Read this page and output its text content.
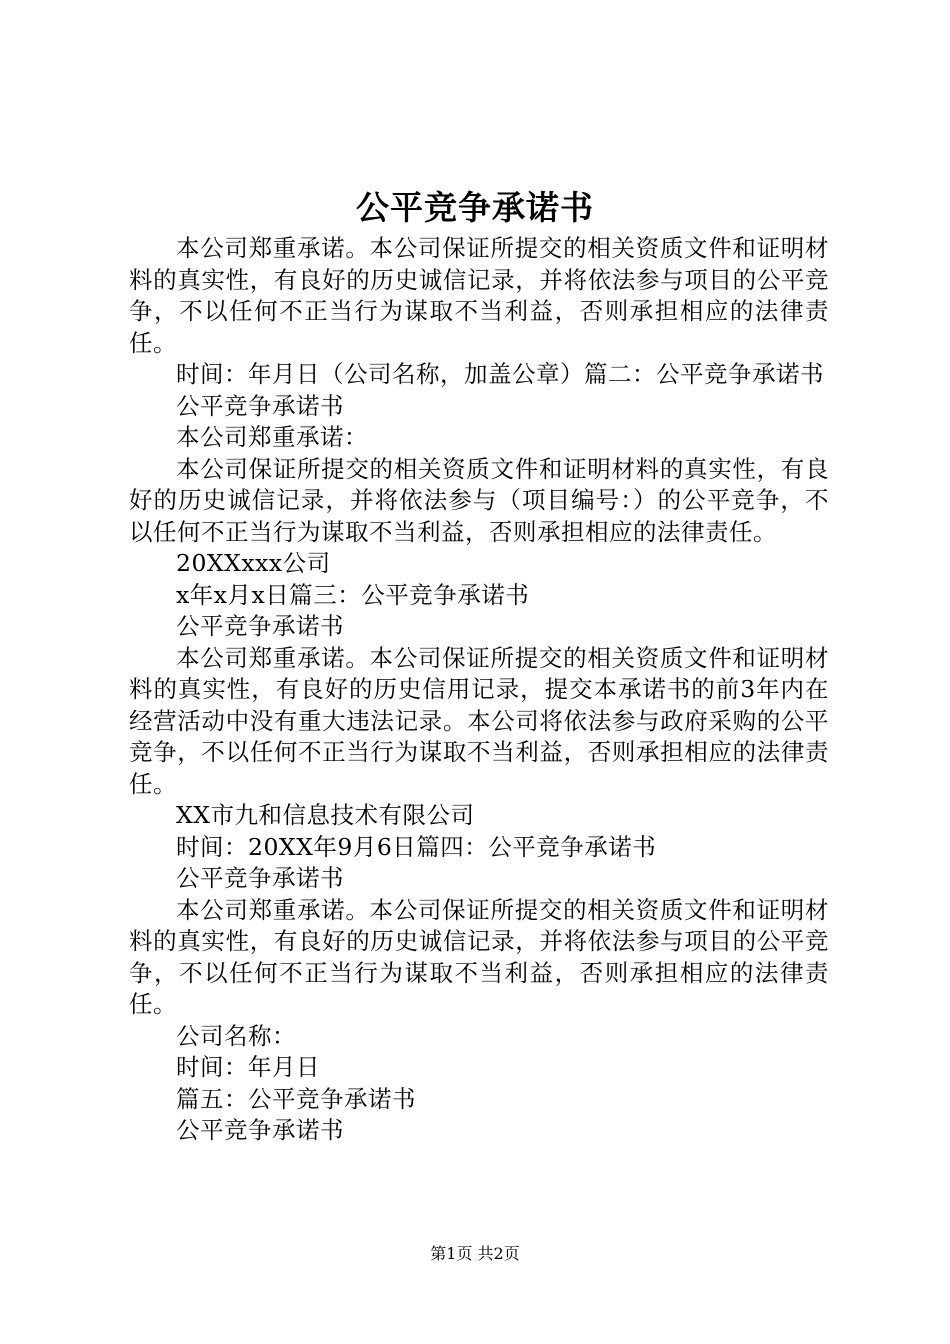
公平竞争承诺书

本公司郑重承诺。本公司保证所提交的相关资质文件和证明材料的真实性，有良好的历史诚信记录，并将依法参与项目的公平竞争，不以任何不正当行为谋取不当利益，否则承担相应的法律责任。

时间：年月日（公司名称，加盖公章）篇二：公平竞争承诺书

公平竞争承诺书

本公司郑重承诺：

本公司保证所提交的相关资质文件和证明材料的真实性，有良好的历史诚信记录，并将依法参与（项目编号：）的公平竞争，不以任何不正当行为谋取不当利益，否则承担相应的法律责任。

20XXxxx公司

x年x月x日篇三：公平竞争承诺书

公平竞争承诺书

本公司郑重承诺。本公司保证所提交的相关资质文件和证明材料的真实性，有良好的历史信用记录，提交本承诺书的前3年内在经营活动中没有重大违法记录。本公司将依法参与政府采购的公平竞争，不以任何不正当行为谋取不当利益，否则承担相应的法律责任。

XX市九和信息技术有限公司

时间：20XX年9月6日篇四：公平竞争承诺书

公平竞争承诺书

本公司郑重承诺。本公司保证所提交的相关资质文件和证明材料的真实性，有良好的历史诚信记录，并将依法参与项目的公平竞争，不以任何不正当行为谋取不当利益，否则承担相应的法律责任。

公司名称：

时间：年月日

篇五：公平竞争承诺书

公平竞争承诺书

第1页 共2页
